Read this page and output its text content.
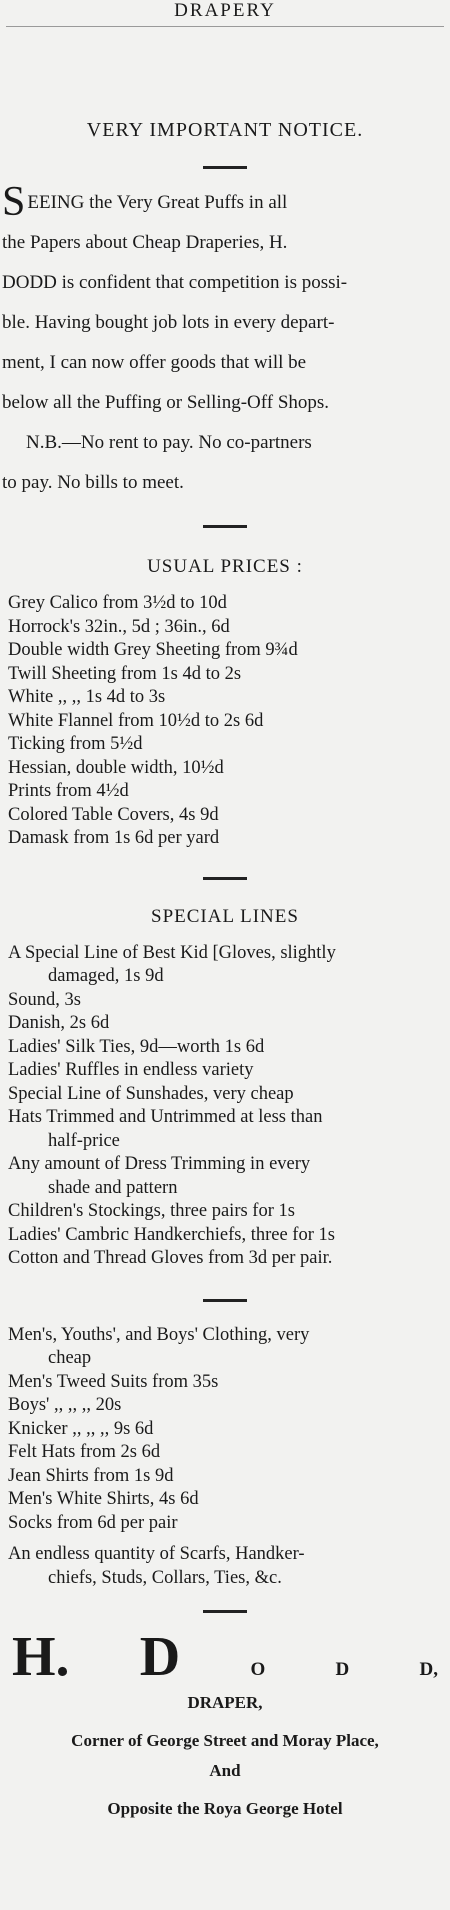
DRAPERY
VERY IMPORTANT NOTICE.

SEEING the Very Great Puffs in all

the Papers about Cheap Draperies, H.

DODD is confident that competition is possi-

ble. Having bought job lots in every depart-

ment, I can now offer goods that will be

below all the Puffing or Selling-Off Shops.

N.B.—No rent to pay. No co-partners

to pay. No bills to meet.

USUAL PRICES :
Grey Calico from 3½d to 10d
Horrock's 32in., 5d ; 36in., 6d
Double width Grey Sheeting from 9¾d
Twill Sheeting from 1s 4d to 2s
White ,, ,, 1s 4d to 3s
White Flannel from 10½d to 2s 6d
Ticking from 5½d
Hessian, double width, 10½d
Prints from 4½d
Colored Table Covers, 4s 9d
Damask from 1s 6d per yard
SPECIAL LINES
A Special Line of Best Kid [Gloves, slightly
damaged, 1s 9d
Sound, 3s
Danish, 2s 6d
Ladies' Silk Ties, 9d—worth 1s 6d
Ladies' Ruffles in endless variety
Special Line of Sunshades, very cheap
Hats Trimmed and Untrimmed at less than
half-price
Any amount of Dress Trimming in every
shade and pattern
Children's Stockings, three pairs for 1s
Ladies' Cambric Handkerchiefs, three for 1s
Cotton and Thread Gloves from 3d per pair.
Men's, Youths', and Boys' Clothing, very
cheap
Men's Tweed Suits from 35s
Boys' ,, ,, ,, 20s
Knicker ,, ,, ,, 9s 6d
Felt Hats from 2s 6d
Jean Shirts from 1s 9d
Men's White Shirts, 4s 6d
Socks from 6d per pair
An endless quantity of Scarfs, Handker-
chiefs, Studs, Collars, Ties, &c.
H. D	O	D	D,
DRAPER,
Corner of George Street and Moray Place,
And
Opposite the Roya George Hotel
